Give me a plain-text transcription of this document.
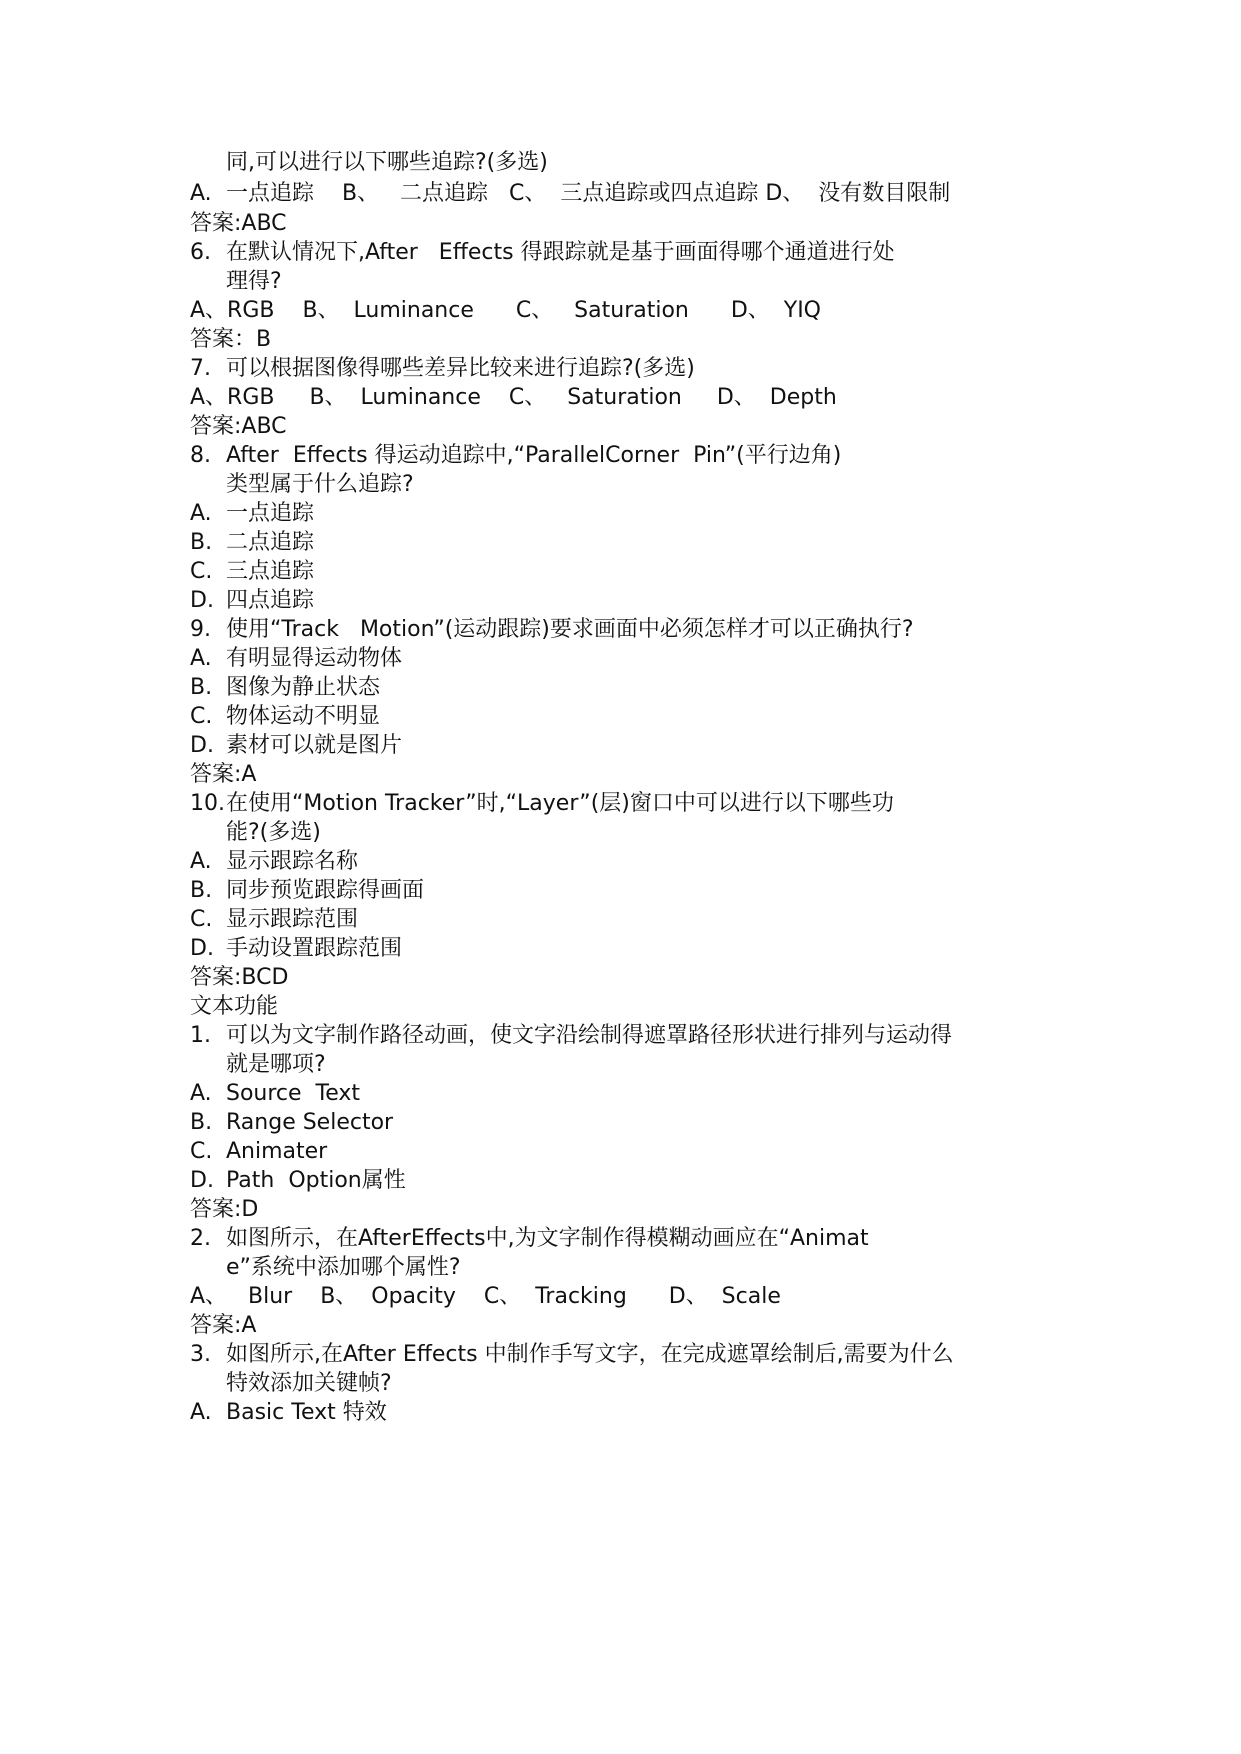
同,可以进行以下哪些追踪?(多选)
A. 一点追踪    B、   二点追踪   C、  三点追踪或四点追踪 D、  没有数目限制
答案:ABC
6. 在默认情况下,After   Effects 得跟踪就是基于画面得哪个通道进行处
理得?
A、RGB    B、  Luminance      C、   Saturation      D、  YIQ
答案：B
7. 可以根据图像得哪些差异比较来进行追踪?(多选)
A、RGB     B、  Luminance    C、   Saturation     D、  Depth
答案:ABC
8. After  Effects 得运动追踪中,“ParallelCorner  Pin”(平行边角)
类型属于什么追踪?
A. 一点追踪
B. 二点追踪
C. 三点追踪
D. 四点追踪
9. 使用“Track   Motion”(运动跟踪)要求画面中必须怎样才可以正确执行?
A. 有明显得运动物体
B. 图像为静止状态
C. 物体运动不明显
D. 素材可以就是图片
答案:A
10. 在使用“Motion Tracker”时,“Layer”(层)窗口中可以进行以下哪些功
能?(多选)
A. 显示跟踪名称
B. 同步预览跟踪得画面
C. 显示跟踪范围
D. 手动设置跟踪范围
答案:BCD
文本功能
1. 可以为文字制作路径动画，使文字沿绘制得遮罩路径形状进行排列与运动得
就是哪项?
A. Source  Text
B. Range Selector
C. Animater
D. Path  Option属性
答案:D
2. 如图所示，在AfterEffects中,为文字制作得模糊动画应在“Animat
e”系统中添加哪个属性?
A、   Blur    B、  Opacity    C、  Tracking      D、  Scale
答案:A
3. 如图所示,在After Effects 中制作手写文字，在完成遮罩绘制后,需要为什么
特效添加关键帧?
A. Basic Text 特效
